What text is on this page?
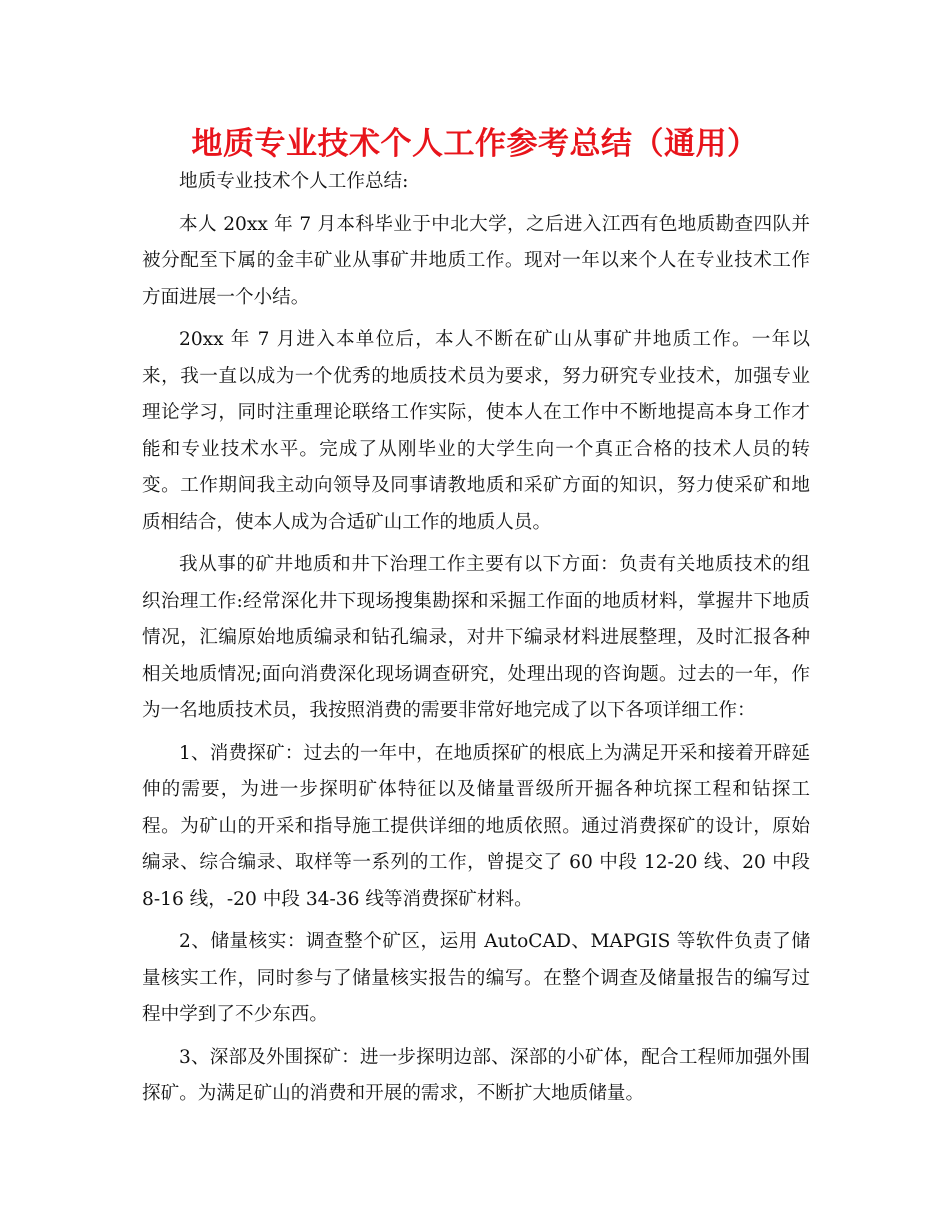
地质专业技术个人工作参考总结（通用）

地质专业技术个人工作总结:

本人 20xx 年 7 月本科毕业于中北大学，之后进入江西有色地质勘查四队并被分配至下属的金丰矿业从事矿井地质工作。现对一年以来个人在专业技术工作方面进展一个小结。

20xx 年 7 月进入本单位后，本人不断在矿山从事矿井地质工作。一年以来，我一直以成为一个优秀的地质技术员为要求，努力研究专业技术，加强专业理论学习，同时注重理论联络工作实际，使本人在工作中不断地提高本身工作才能和专业技术水平。完成了从刚毕业的大学生向一个真正合格的技术人员的转变。工作期间我主动向领导及同事请教地质和采矿方面的知识，努力使采矿和地质相结合，使本人成为合适矿山工作的地质人员。

我从事的矿井地质和井下治理工作主要有以下方面：负责有关地质技术的组织治理工作:经常深化井下现场搜集勘探和采掘工作面的地质材料，掌握井下地质情况，汇编原始地质编录和钻孔编录，对井下编录材料进展整理，及时汇报各种相关地质情况;面向消费深化现场调查研究，处理出现的咨询题。过去的一年，作为一名地质技术员，我按照消费的需要非常好地完成了以下各项详细工作：

1、消费探矿：过去的一年中，在地质探矿的根底上为满足开采和接着开辟延伸的需要，为进一步探明矿体特征以及储量晋级所开掘各种坑探工程和钻探工程。为矿山的开采和指导施工提供详细的地质依照。通过消费探矿的设计，原始编录、综合编录、取样等一系列的工作，曾提交了 60 中段 12-20 线、20 中段 8-16 线，-20 中段 34-36 线等消费探矿材料。

2、储量核实：调查整个矿区，运用 AutoCAD、MAPGIS 等软件负责了储量核实工作，同时参与了储量核实报告的编写。在整个调查及储量报告的编写过程中学到了不少东西。

3、深部及外围探矿：进一步探明边部、深部的小矿体，配合工程师加强外围探矿。为满足矿山的消费和开展的需求，不断扩大地质储量。
